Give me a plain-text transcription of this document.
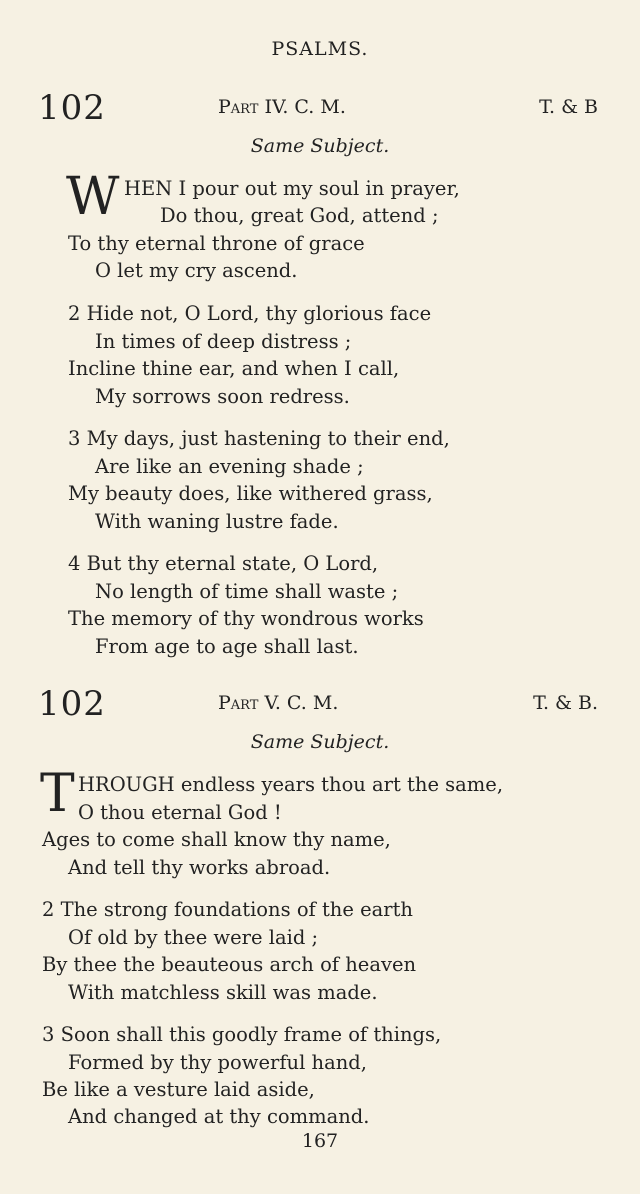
PSALMS.
102	Part IV. C. M.	T. & B
Same Subject.
W HEN I pour out my soul in prayer,
Do thou, great God, attend ;
To thy eternal throne of grace
O let my cry ascend.
2 Hide not, O Lord, thy glorious face
In times of deep distress ;
Incline thine ear, and when I call,
My sorrows soon redress.
3 My days, just hastening to their end,
Are like an evening shade ;
My beauty does, like withered grass,
With waning lustre fade.
4 But thy eternal state, O Lord,
No length of time shall waste ;
The memory of thy wondrous works
From age to age shall last.
102	Part V. C. M.	T. & B.
Same Subject.
T HROUGH endless years thou art the same,
O thou eternal God !
Ages to come shall know thy name,
And tell thy works abroad.
2 The strong foundations of the earth
Of old by thee were laid ;
By thee the beauteous arch of heaven
With matchless skill was made.
3 Soon shall this goodly frame of things,
Formed by thy powerful hand,
Be like a vesture laid aside,
And changed at thy command.
167
